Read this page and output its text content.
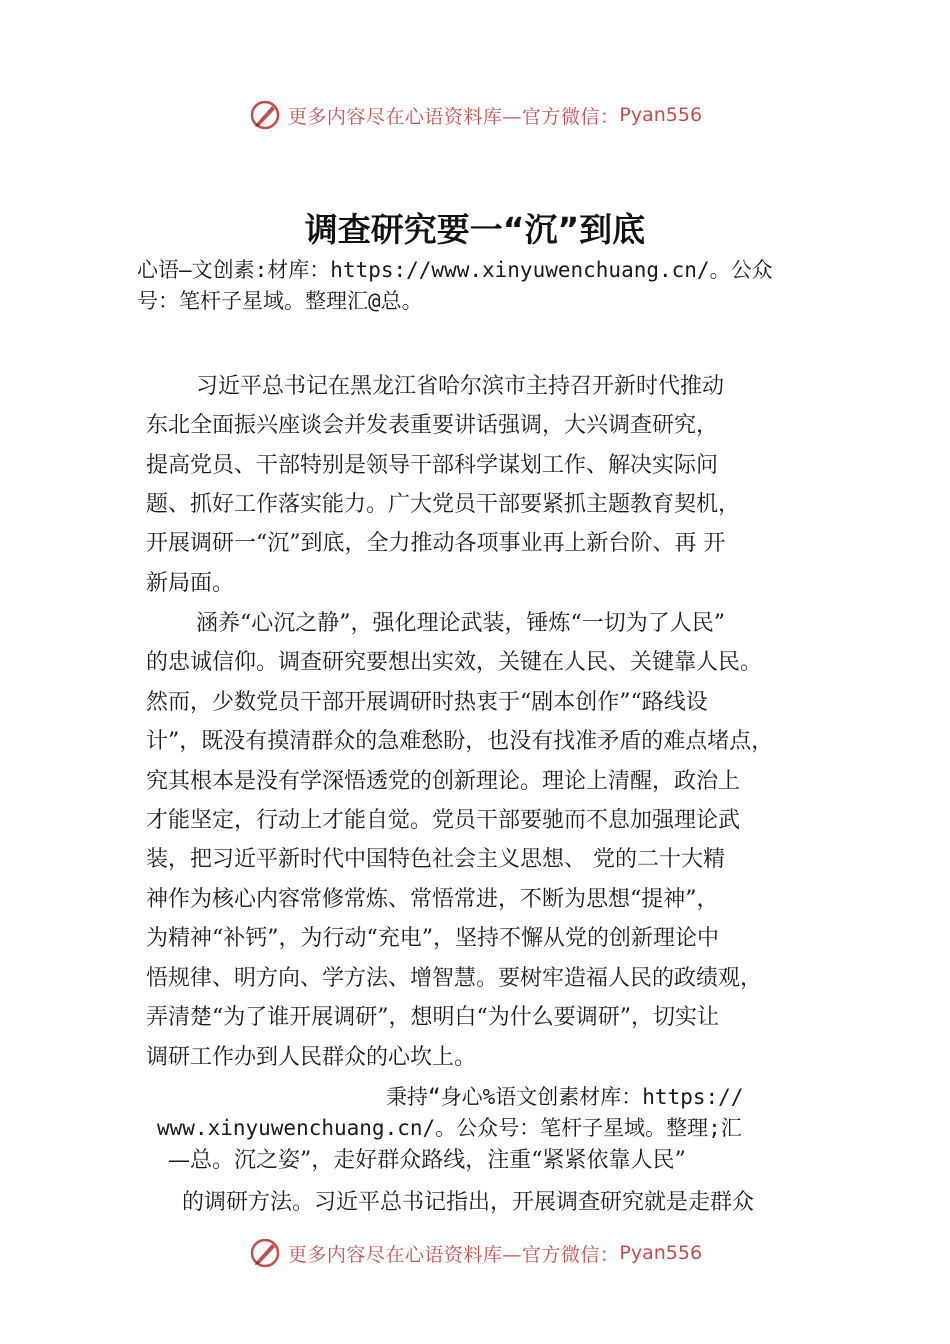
更多内容尽在心语资料库—官方微信： Pyan556
调查研究要一“沉”到底
心语—文创素:材库：https://www.xinyuwenchuang.cn/。公众
号：笔杆子星域。整理汇@总。
习近平总书记在黑龙江省哈尔滨市主持召开新时代推动
东北全面振兴座谈会并发表重要讲话强调，大兴调查研究，
提高党员、干部特别是领导干部科学谋划工作、解决实际问
题、抓好工作落实能力。广大党员干部要紧抓主题教育契机，
开展调研一“沉”到底，全力推动各项事业再上新台阶、再 开
新局面。
涵养“心沉之静”，强化理论武装，锤炼“一切为了人民”
的忠诚信仰。调查研究要想出实效，关键在人民、关键靠人民。
然而，少数党员干部开展调研时热衷于“剧本创作”“路线设
计”，既没有摸清群众的急难愁盼，也没有找准矛盾的难点堵点，
究其根本是没有学深悟透党的创新理论。理论上清醒，政治上
才能坚定，行动上才能自觉。党员干部要驰而不息加强理论武
装，把习近平新时代中国特色社会主义思想、 党的二十大精
神作为核心内容常修常炼、常悟常进，不断为思想“提神”，
为精神“补钙”，为行动“充电”，坚持不懈从党的创新理论中
悟规律、明方向、学方法、增智慧。要树牢造福人民的政绩观，
弄清楚“为了谁开展调研”，想明白“为什么要调研”，切实让
调研工作办到人民群众的心坎上。
秉持“身心%语文创素材库：https://
www.xinyuwenchuang.cn/。公众号：笔杆子星域。整理;汇
—总。沉之姿”，走好群众路线，注重“紧紧依靠人民”
的调研方法。习近平总书记指出，开展调查研究就是走群众
更多内容尽在心语资料库—官方微信： Pyan556
